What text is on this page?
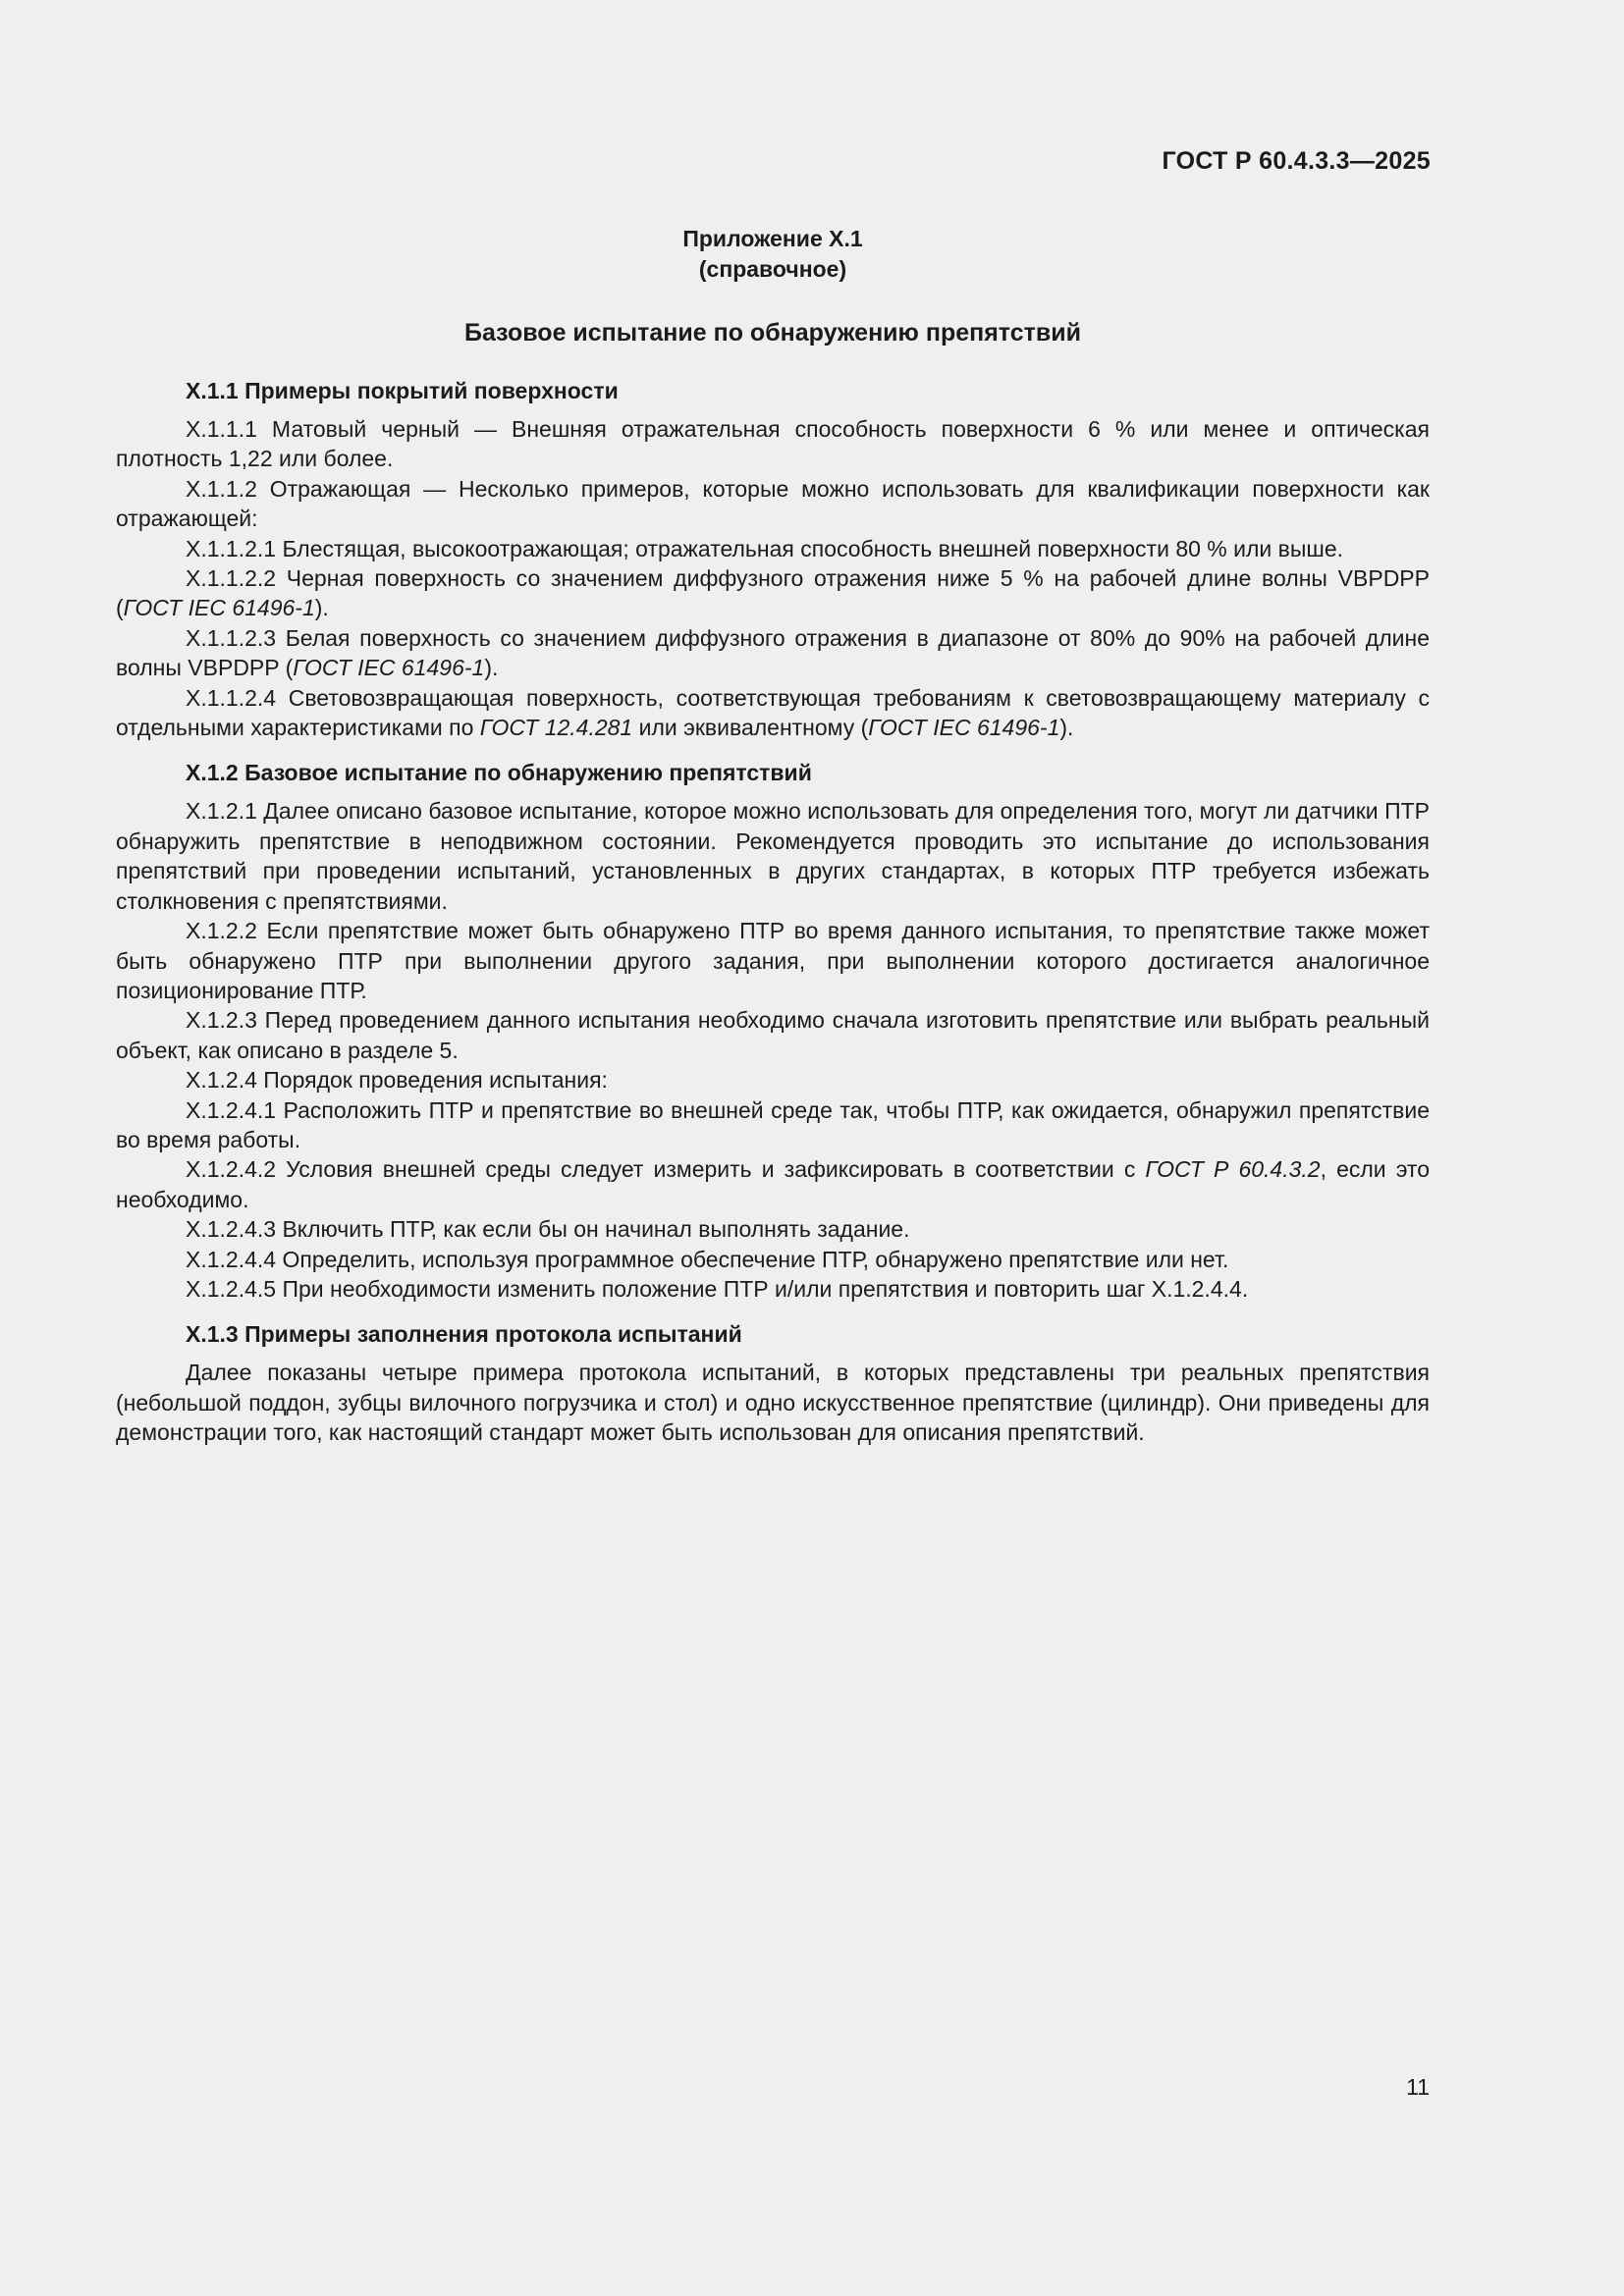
ГОСТ Р 60.4.3.3—2025
Приложение X.1
(справочное)
Базовое испытание по обнаружению препятствий
X.1.1 Примеры покрытий поверхности

X.1.1.1 Матовый черный — Внешняя отражательная способность поверхности 6 % или менее и оптическая плотность 1,22 или более.

X.1.1.2 Отражающая — Несколько примеров, которые можно использовать для квалификации поверхности как отражающей:

X.1.1.2.1 Блестящая, высокоотражающая; отражательная способность внешней поверхности 80 % или выше.

X.1.1.2.2 Черная поверхность со значением диффузного отражения ниже 5 % на рабочей длине волны VBPDPP (ГОСТ IEC 61496-1).

X.1.1.2.3 Белая поверхность со значением диффузного отражения в диапазоне от 80% до 90% на рабочей длине волны VBPDPP (ГОСТ IEC 61496-1).

X.1.1.2.4 Световозвращающая поверхность, соответствующая требованиям к световозвращающему материалу с отдельными характеристиками по ГОСТ 12.4.281 или эквивалентному (ГОСТ IEC 61496-1).

X.1.2 Базовое испытание по обнаружению препятствий

X.1.2.1 Далее описано базовое испытание, которое можно использовать для определения того, могут ли датчики ПТР обнаружить препятствие в неподвижном состоянии. Рекомендуется проводить это испытание до использования препятствий при проведении испытаний, установленных в других стандартах, в которых ПТР требуется избежать столкновения с препятствиями.

X.1.2.2 Если препятствие может быть обнаружено ПТР во время данного испытания, то препятствие также может быть обнаружено ПТР при выполнении другого задания, при выполнении которого достигается аналогичное позиционирование ПТР.

X.1.2.3 Перед проведением данного испытания необходимо сначала изготовить препятствие или выбрать реальный объект, как описано в разделе 5.

X.1.2.4 Порядок проведения испытания:

X.1.2.4.1 Расположить ПТР и препятствие во внешней среде так, чтобы ПТР, как ожидается, обнаружил препятствие во время работы.

X.1.2.4.2 Условия внешней среды следует измерить и зафиксировать в соответствии с ГОСТ Р 60.4.3.2, если это необходимо.

X.1.2.4.3 Включить ПТР, как если бы он начинал выполнять задание.

X.1.2.4.4 Определить, используя программное обеспечение ПТР, обнаружено препятствие или нет.

X.1.2.4.5 При необходимости изменить положение ПТР и/или препятствия и повторить шаг X.1.2.4.4.

X.1.3 Примеры заполнения протокола испытаний

Далее показаны четыре примера протокола испытаний, в которых представлены три реальных препятствия (небольшой поддон, зубцы вилочного погрузчика и стол) и одно искусственное препятствие (цилиндр). Они приведены для демонстрации того, как настоящий стандарт может быть использован для описания препятствий.

11
